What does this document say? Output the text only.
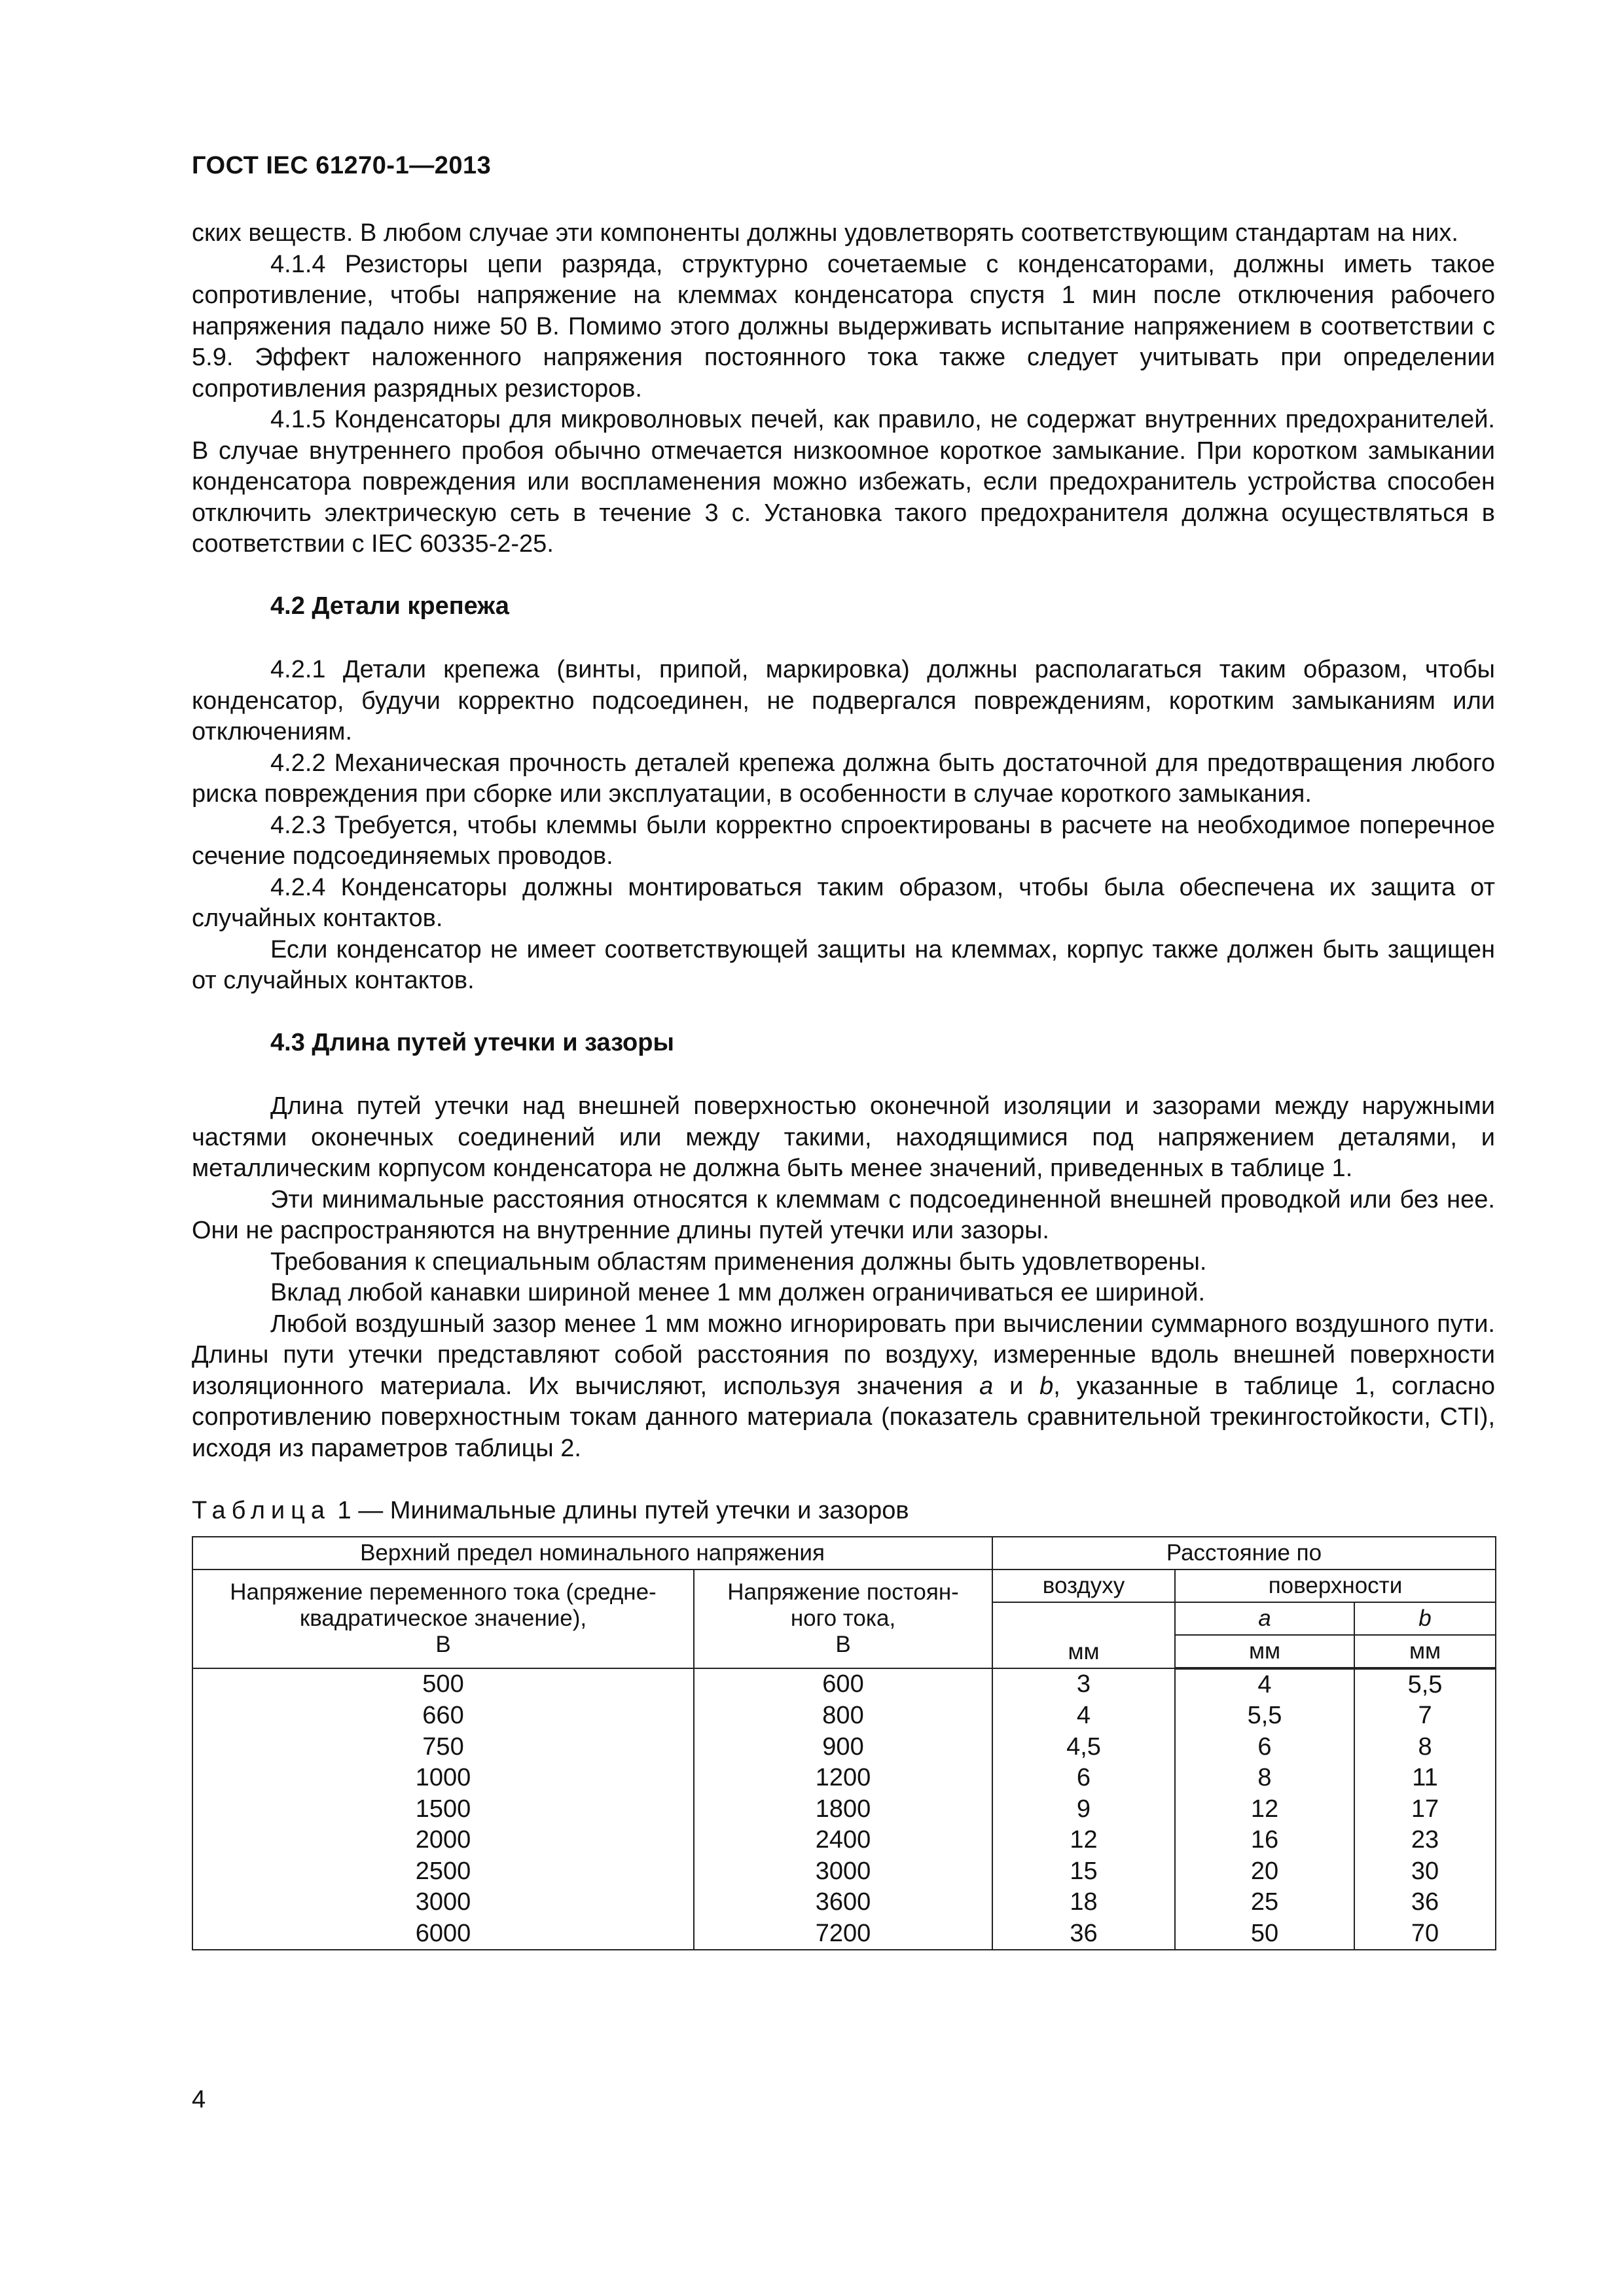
ГОСТ IEC 61270-1—2013

ских веществ. В любом случае эти компоненты должны удовлетворять соответствующим стандартам на них.

4.1.4 Резисторы цепи разряда, структурно сочетаемые с конденсаторами, должны иметь такое сопротивление, чтобы напряжение на клеммах конденсатора спустя 1 мин после отключения рабочего напряжения падало ниже 50 В. Помимо этого должны выдерживать испытание напряжением в соответствии с 5.9. Эффект наложенного напряжения постоянного тока также следует учитывать при определении сопротивления разрядных резисторов.

4.1.5 Конденсаторы для микроволновых печей, как правило, не содержат внутренних предохранителей. В случае внутреннего пробоя обычно отмечается низкоомное короткое замыкание. При коротком замыкании конденсатора повреждения или воспламенения можно избежать, если предохранитель устройства способен отключить электрическую сеть в течение 3 с. Установка такого предохранителя должна осуществляться в соответствии с IEC 60335-2-25.

4.2 Детали крепежа

4.2.1 Детали крепежа (винты, припой, маркировка) должны располагаться таким образом, чтобы конденсатор, будучи корректно подсоединен, не подвергался повреждениям, коротким замыканиям или отключениям.

4.2.2 Механическая прочность деталей крепежа должна быть достаточной для предотвращения любого риска повреждения при сборке или эксплуатации, в особенности в случае короткого замыкания.

4.2.3 Требуется, чтобы клеммы были корректно спроектированы в расчете на необходимое поперечное сечение подсоединяемых проводов.

4.2.4 Конденсаторы должны монтироваться таким образом, чтобы была обеспечена их защита от случайных контактов.

Если конденсатор не имеет соответствующей защиты на клеммах, корпус также должен быть защищен от случайных контактов.

4.3 Длина путей утечки и зазоры

Длина путей утечки над внешней поверхностью оконечной изоляции и зазорами между наружными частями оконечных соединений или между такими, находящимися под напряжением деталями, и металлическим корпусом конденсатора не должна быть менее значений, приведенных в таблице 1.

Эти минимальные расстояния относятся к клеммам с подсоединенной внешней проводкой или без нее. Они не распространяются на внутренние длины путей утечки или зазоры.

Требования к специальным областям применения должны быть удовлетворены.

Вклад любой канавки шириной менее 1 мм должен ограничиваться ее шириной.

Любой воздушный зазор менее 1 мм можно игнорировать при вычислении суммарного воздушного пути. Длины пути утечки представляют собой расстояния по воздуху, измеренные вдоль внешней поверхности изоляционного материала. Их вычисляют, используя значения a и b, указанные в таблице 1, согласно сопротивлению поверхностным токам данного материала (показатель сравнительной трекингостойкости, CTI), исходя из параметров таблицы 2.

Таблица 1 — Минимальные длины путей утечки и зазоров

Верхний предел номинального напряжения		Расстояние по		
Напряжение переменного тока (средне-
квадратическое значение),
В	Напряжение постоян-
ного тока,
В	воздуху	поверхности	
		мм	a	b
			мм	мм
500	600	3	4	5,5
660	800	4	5,5	7
750	900	4,5	6	8
1000	1200	6	8	11
1500	1800	9	12	17
2000	2400	12	16	23
2500	3000	15	20	30
3000	3600	18	25	36
6000	7200	36	50	70
4
